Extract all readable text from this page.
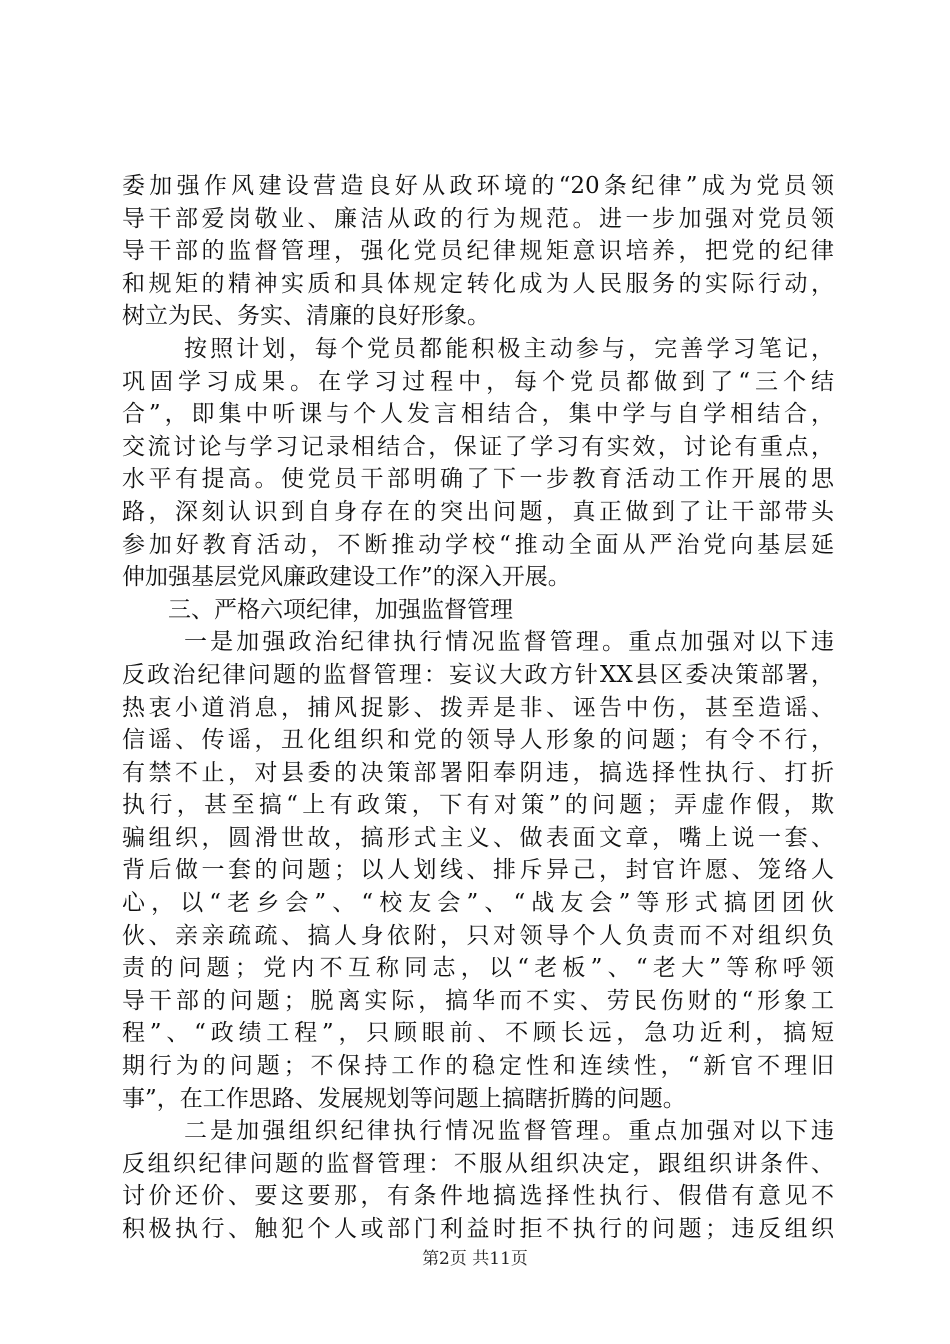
委加强作风建设营造良好从政环境的“20条纪律”成为党员领
导干部爱岗敬业、廉洁从政的行为规范。进一步加强对党员领
导干部的监督管理，强化党员纪律规矩意识培养，把党的纪律
和规矩的精神实质和具体规定转化成为人民服务的实际行动，
树立为民、务实、清廉的良好形象。
按照计划，每个党员都能积极主动参与，完善学习笔记，
巩固学习成果。在学习过程中，每个党员都做到了“三个结
合”，即集中听课与个人发言相结合，集中学与自学相结合，
交流讨论与学习记录相结合，保证了学习有实效，讨论有重点，
水平有提高。使党员干部明确了下一步教育活动工作开展的思
路，深刻认识到自身存在的突出问题，真正做到了让干部带头
参加好教育活动，不断推动学校“推动全面从严治党向基层延
伸加强基层党风廉政建设工作”的深入开展。
三、严格六项纪律，加强监督管理
一是加强政治纪律执行情况监督管理。重点加强对以下违
反政治纪律问题的监督管理：妄议大政方针XX县区委决策部署，
热衷小道消息，捕风捉影、拨弄是非、诬告中伤，甚至造谣、
信谣、传谣，丑化组织和党的领导人形象的问题；有令不行，
有禁不止，对县委的决策部署阳奉阴违，搞选择性执行、打折
执行，甚至搞“上有政策，下有对策”的问题；弄虚作假，欺
骗组织，圆滑世故，搞形式主义、做表面文章，嘴上说一套、
背后做一套的问题；以人划线、排斥异己，封官许愿、笼络人
心，以“老乡会”、“校友会”、“战友会”等形式搞团团伙
伙、亲亲疏疏、搞人身依附，只对领导个人负责而不对组织负
责的问题；党内不互称同志，以“老板”、“老大”等称呼领
导干部的问题；脱离实际，搞华而不实、劳民伤财的“形象工
程”、“政绩工程”，只顾眼前、不顾长远，急功近利，搞短
期行为的问题；不保持工作的稳定性和连续性，“新官不理旧
事”，在工作思路、发展规划等问题上搞瞎折腾的问题。
二是加强组织纪律执行情况监督管理。重点加强对以下违
反组织纪律问题的监督管理：不服从组织决定，跟组织讲条件、
讨价还价、要这要那，有条件地搞选择性执行、假借有意见不
积极执行、触犯个人或部门利益时拒不执行的问题；违反组织
第2页 共11页
